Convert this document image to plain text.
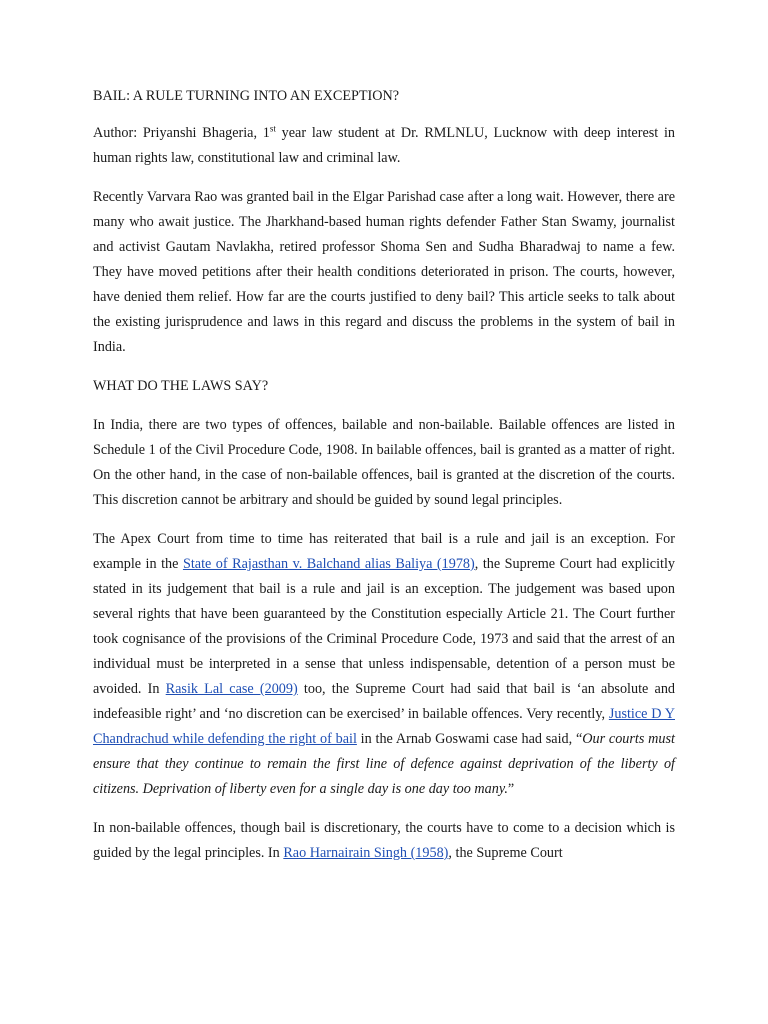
BAIL: A RULE TURNING INTO AN EXCEPTION?

Author: Priyanshi Bhageria, 1st year law student at Dr. RMLNLU, Lucknow with deep interest in human rights law, constitutional law and criminal law.

Recently Varvara Rao was granted bail in the Elgar Parishad case after a long wait. However, there are many who await justice. The Jharkhand-based human rights defender Father Stan Swamy, journalist and activist Gautam Navlakha, retired professor Shoma Sen and Sudha Bharadwaj to name a few. They have moved petitions after their health conditions deteriorated in prison. The courts, however, have denied them relief. How far are the courts justified to deny bail? This article seeks to talk about the existing jurisprudence and laws in this regard and discuss the problems in the system of bail in India.

WHAT DO THE LAWS SAY?

In India, there are two types of offences, bailable and non-bailable. Bailable offences are listed in Schedule 1 of the Civil Procedure Code, 1908. In bailable offences, bail is granted as a matter of right. On the other hand, in the case of non-bailable offences, bail is granted at the discretion of the courts. This discretion cannot be arbitrary and should be guided by sound legal principles.

The Apex Court from time to time has reiterated that bail is a rule and jail is an exception. For example in the State of Rajasthan v. Balchand alias Baliya (1978), the Supreme Court had explicitly stated in its judgement that bail is a rule and jail is an exception. The judgement was based upon several rights that have been guaranteed by the Constitution especially Article 21. The Court further took cognisance of the provisions of the Criminal Procedure Code, 1973 and said that the arrest of an individual must be interpreted in a sense that unless indispensable, detention of a person must be avoided. In Rasik Lal case (2009) too, the Supreme Court had said that bail is ‘an absolute and indefeasible right’ and ‘no discretion can be exercised’ in bailable offences. Very recently, Justice D Y Chandrachud while defending the right of bail in the Arnab Goswami case had said, “Our courts must ensure that they continue to remain the first line of defence against deprivation of the liberty of citizens. Deprivation of liberty even for a single day is one day too many.”

In non-bailable offences, though bail is discretionary, the courts have to come to a decision which is guided by the legal principles. In Rao Harnairain Singh (1958), the Supreme Court
